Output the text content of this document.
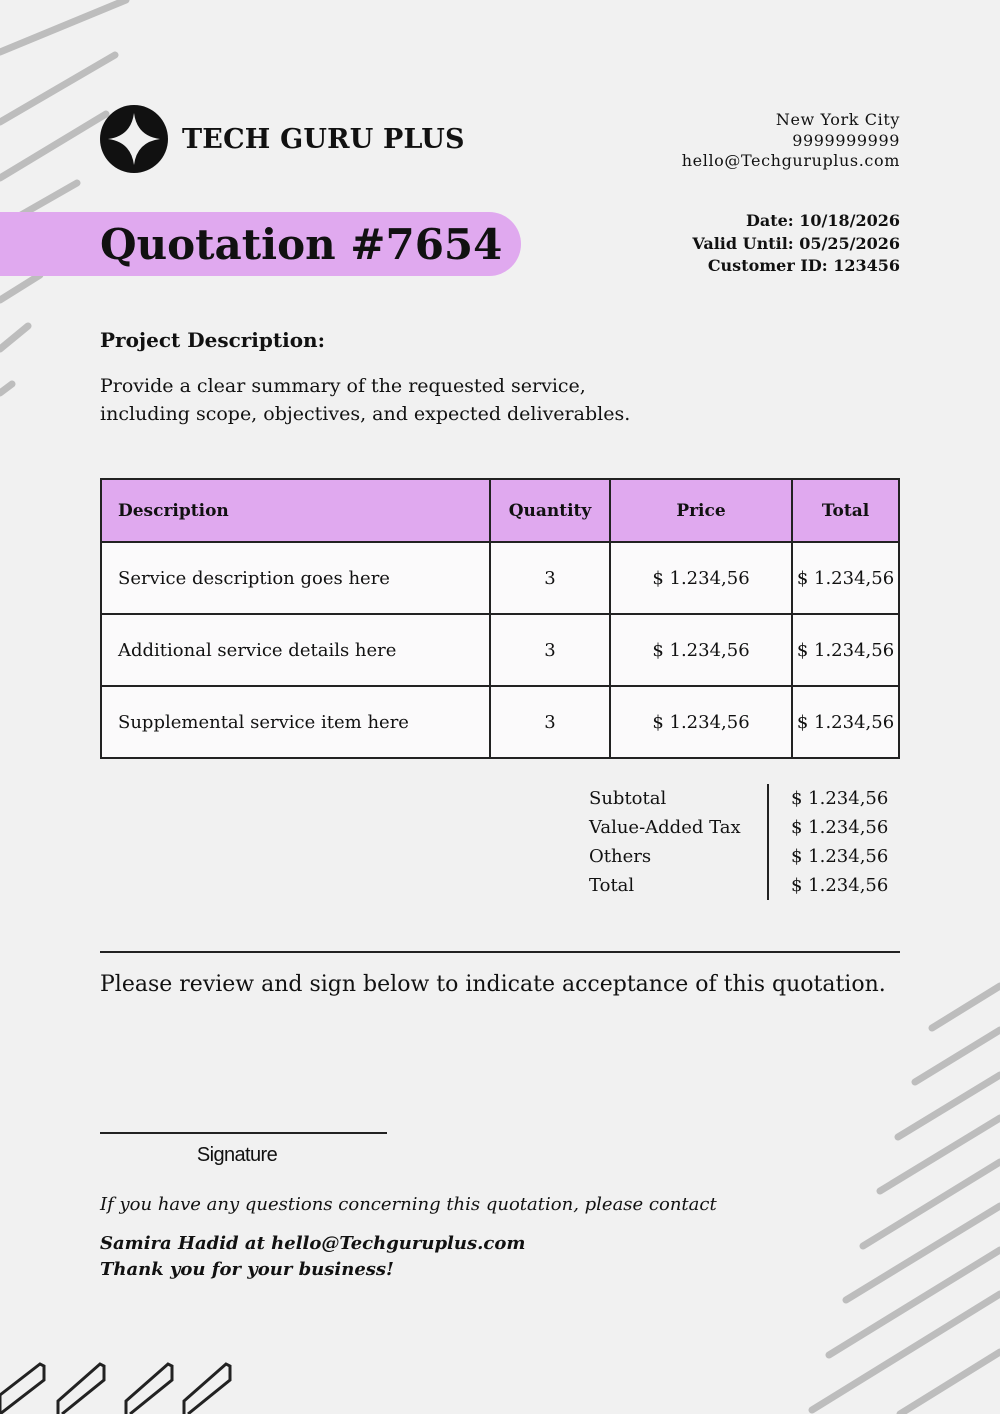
TECH GURU PLUS
New York City
9999999999
hello@Techguruplus.com
Quotation #7654	Date: 10/18/2026
Valid Until: 05/25/2026
Customer ID: 123456
Project Description:
Provide a clear summary of the requested service,
including scope, objectives, and expected deliverables.
Description	Quantity	Price	Total
Service description goes here	3	$ 1.234,56	$ 1.234,56
Additional service details here	3	$ 1.234,56	$ 1.234,56
Supplemental service item here	3	$ 1.234,56	$ 1.234,56
Subtotal	$ 1.234,56
Value-Added Tax	$ 1.234,56
Others	$ 1.234,56
Total	$ 1.234,56
Please review and sign below to indicate acceptance of this quotation.
Signature
If you have any questions concerning this quotation, please contact
Samira Hadid at hello@Techguruplus.com
Thank you for your business!
